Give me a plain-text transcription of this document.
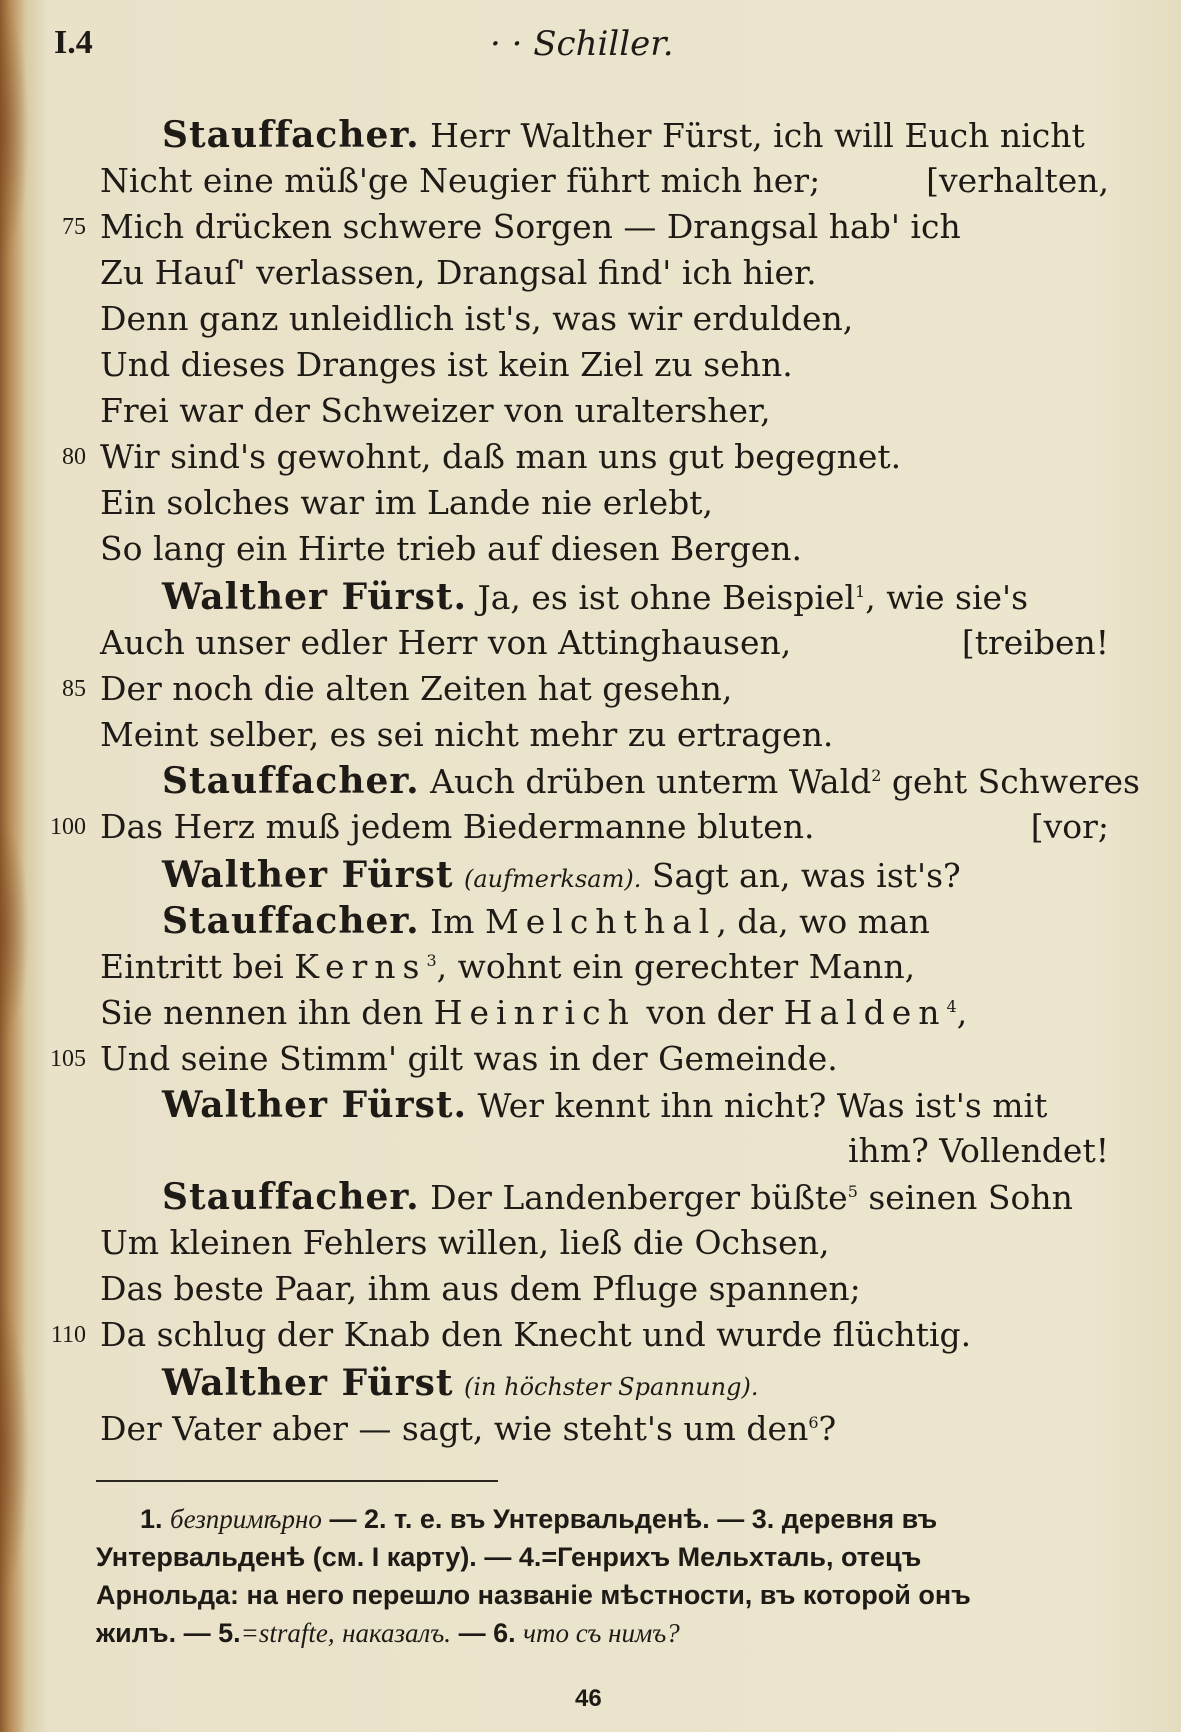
I.4	· · Schiller.
Stauffacher. Herr Walther Fürst, ich will Euch nicht
Nicht eine müß'ge Neugier führt mich her;	[verhalten,
75 Mich drücken schwere Sorgen — Drangsal hab' ich
Zu Hauſ' verlassen, Drangsal find' ich hier.
Denn ganz unleidlich ist's, was wir erdulden,
Und dieses Dranges ist kein Ziel zu sehn.
Frei war der Schweizer von uraltersher,
80 Wir sind's gewohnt, daß man uns gut begegnet.
Ein solches war im Lande nie erlebt,
So lang ein Hirte trieb auf diesen Bergen.
Walther Fürst. Ja, es ist ohne Beispiel$^1$, wie sie's
Auch unser edler Herr von Attinghausen,	[treiben!
85 Der noch die alten Zeiten hat gesehn,
Meint selber, es sei nicht mehr zu ertragen.
Stauffacher. Auch drüben unterm Wald$^2$ geht Schweres
100 Das Herz muß jedem Biedermanne bluten.	[vor;
Walther Fürst (aufmerksam). Sagt an, was ist's?
Stauffacher. Im Melchthal, da, wo man
Eintritt bei Kerns$^3$, wohnt ein gerechter Mann,
Sie nennen ihn den Heinrich von der Halden$^4$,
105 Und seine Stimm' gilt was in der Gemeinde.
Walther Fürst. Wer kennt ihn nicht? Was ist's mit
ihm? Vollendet!
Stauffacher. Der Landenberger büßte$^5$ seinen Sohn
Um kleinen Fehlers willen, ließ die Ochsen,
Das beste Paar, ihm aus dem Pfluge spannen;
110 Da schlug der Knab den Knecht und wurde flüchtig.
Walther Fürst (in höchster Spannung).
Der Vater aber — sagt, wie steht's um den$^6$?
1. безпримѣрно — 2. т. е. въ Унтервальденѣ. — 3. деревня въ
Унтервальденѣ (см. I карту). — 4.=Генрихъ Мельхталь, отецъ
Арнольда: на него перешло названіе мѣстности, въ которой онъ
жилъ. — 5.=strafte, наказалъ. — 6. что съ нимъ?
46
